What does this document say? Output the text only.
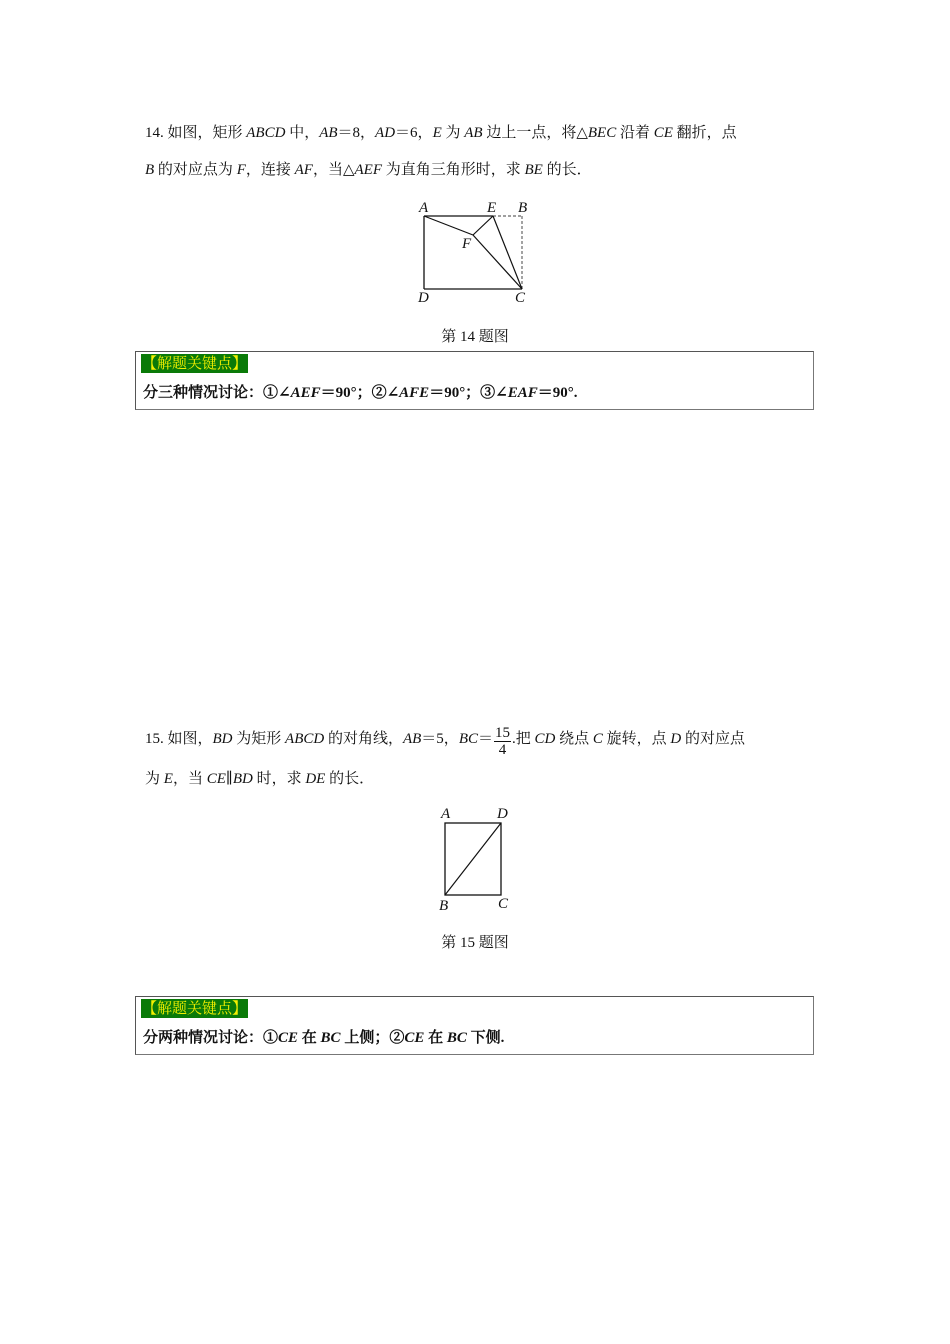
14. 如图，矩形 ABCD 中，AB＝8，AD＝6，E 为 AB 边上一点，将△BEC 沿着 CE 翻折，点
B 的对应点为 F，连接 AF，当△AEF 为直角三角形时，求 BE 的长．
A	E B
F
D	C
A	D
B	C
第 14 题图
【解题关键点】
分三种情况讨论：①∠AEF＝90°；②∠AFE＝90°；③∠EAF＝90°.
15. 如图，BD 为矩形 ABCD 的对角线，AB＝5，$BC= \frac{15}{4}$ .把 CD 绕点 C 旋转，点 D 的对应点
为 E，当 CE∥BD 时，求 DE 的长．
第 15 题图
【解题关键点】
分两种情况讨论：①CE 在 BC 上侧；②CE 在 BC 下侧.
